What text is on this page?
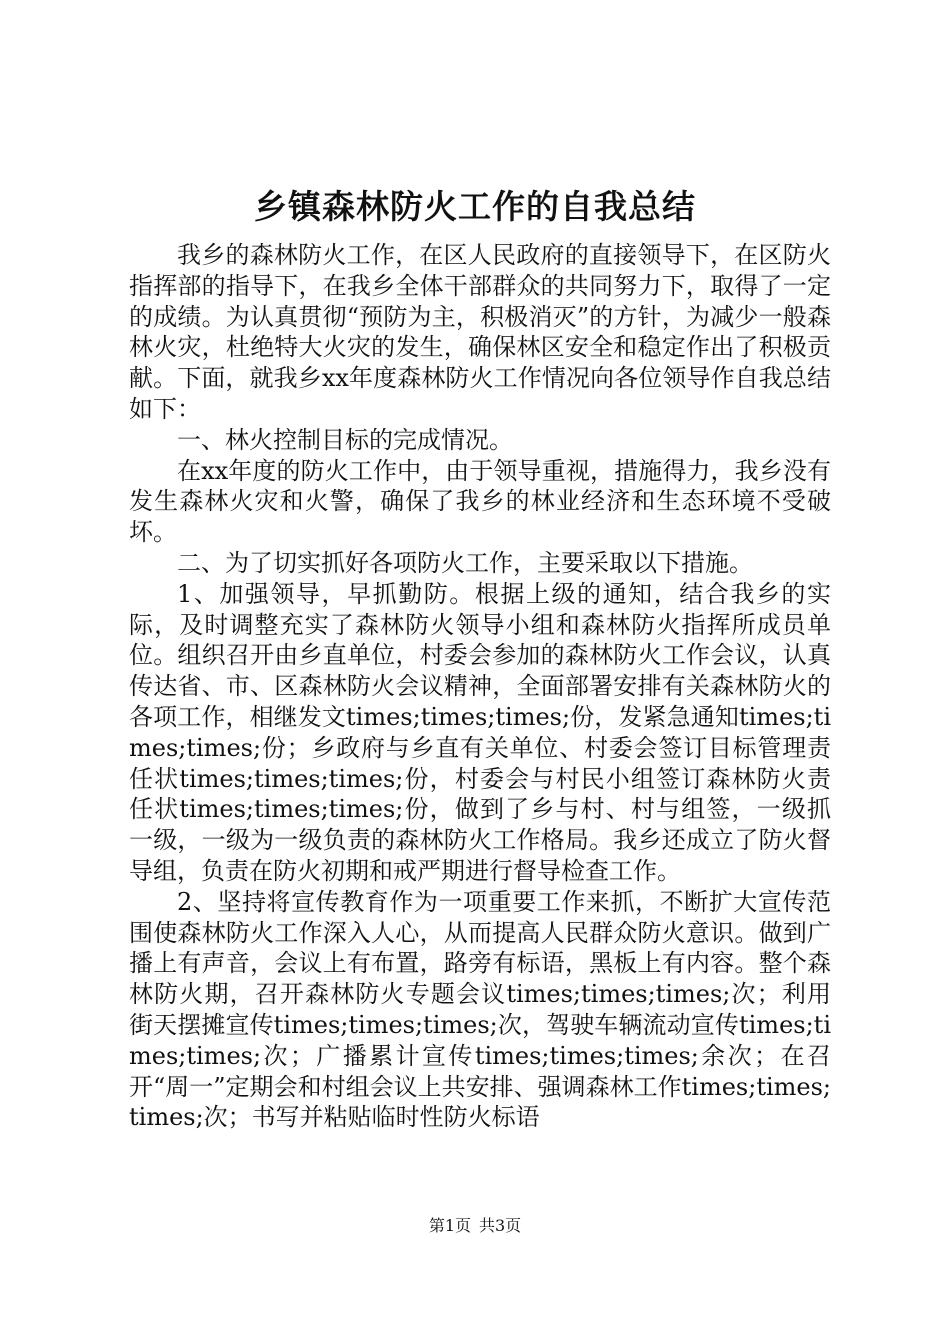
乡镇森林防火工作的自我总结

我乡的森林防火工作，在区人民政府的直接领导下，在区防火指挥部的指导下，在我乡全体干部群众的共同努力下，取得了一定的成绩。为认真贯彻“预防为主，积极消灭”的方针，为减少一般森林火灾，杜绝特大火灾的发生，确保林区安全和稳定作出了积极贡献。下面，就我乡xx年度森林防火工作情况向各位领导作自我总结如下：

一、林火控制目标的完成情况。

在xx年度的防火工作中，由于领导重视，措施得力，我乡没有发生森林火灾和火警，确保了我乡的林业经济和生态环境不受破坏。

二、为了切实抓好各项防火工作，主要采取以下措施。

1、加强领导，早抓勤防。根据上级的通知，结合我乡的实际，及时调整充实了森林防火领导小组和森林防火指挥所成员单位。组织召开由乡直单位，村委会参加的森林防火工作会议，认真传达省、市、区森林防火会议精神，全面部署安排有关森林防火的各项工作，相继发文times;times;times;份，发紧急通知times;times;times;份；乡政府与乡直有关单位、村委会签订目标管理责任状times;times;times;份，村委会与村民小组签订森林防火责任状times;times;times;份，做到了乡与村、村与组签，一级抓一级，一级为一级负责的森林防火工作格局。我乡还成立了防火督导组，负责在防火初期和戒严期进行督导检查工作。

2、坚持将宣传教育作为一项重要工作来抓，不断扩大宣传范围使森林防火工作深入人心，从而提高人民群众防火意识。做到广播上有声音，会议上有布置，路旁有标语，黑板上有内容。整个森林防火期，召开森林防火专题会议times;times;times;次；利用街天摆摊宣传times;times;times;次，驾驶车辆流动宣传times;times;times;次；广播累计宣传times;times;times;余次；在召开“周一”定期会和村组会议上共安排、强调森林工作times;times;times;次；书写并粘贴临时性防火标语

第1页 共3页
